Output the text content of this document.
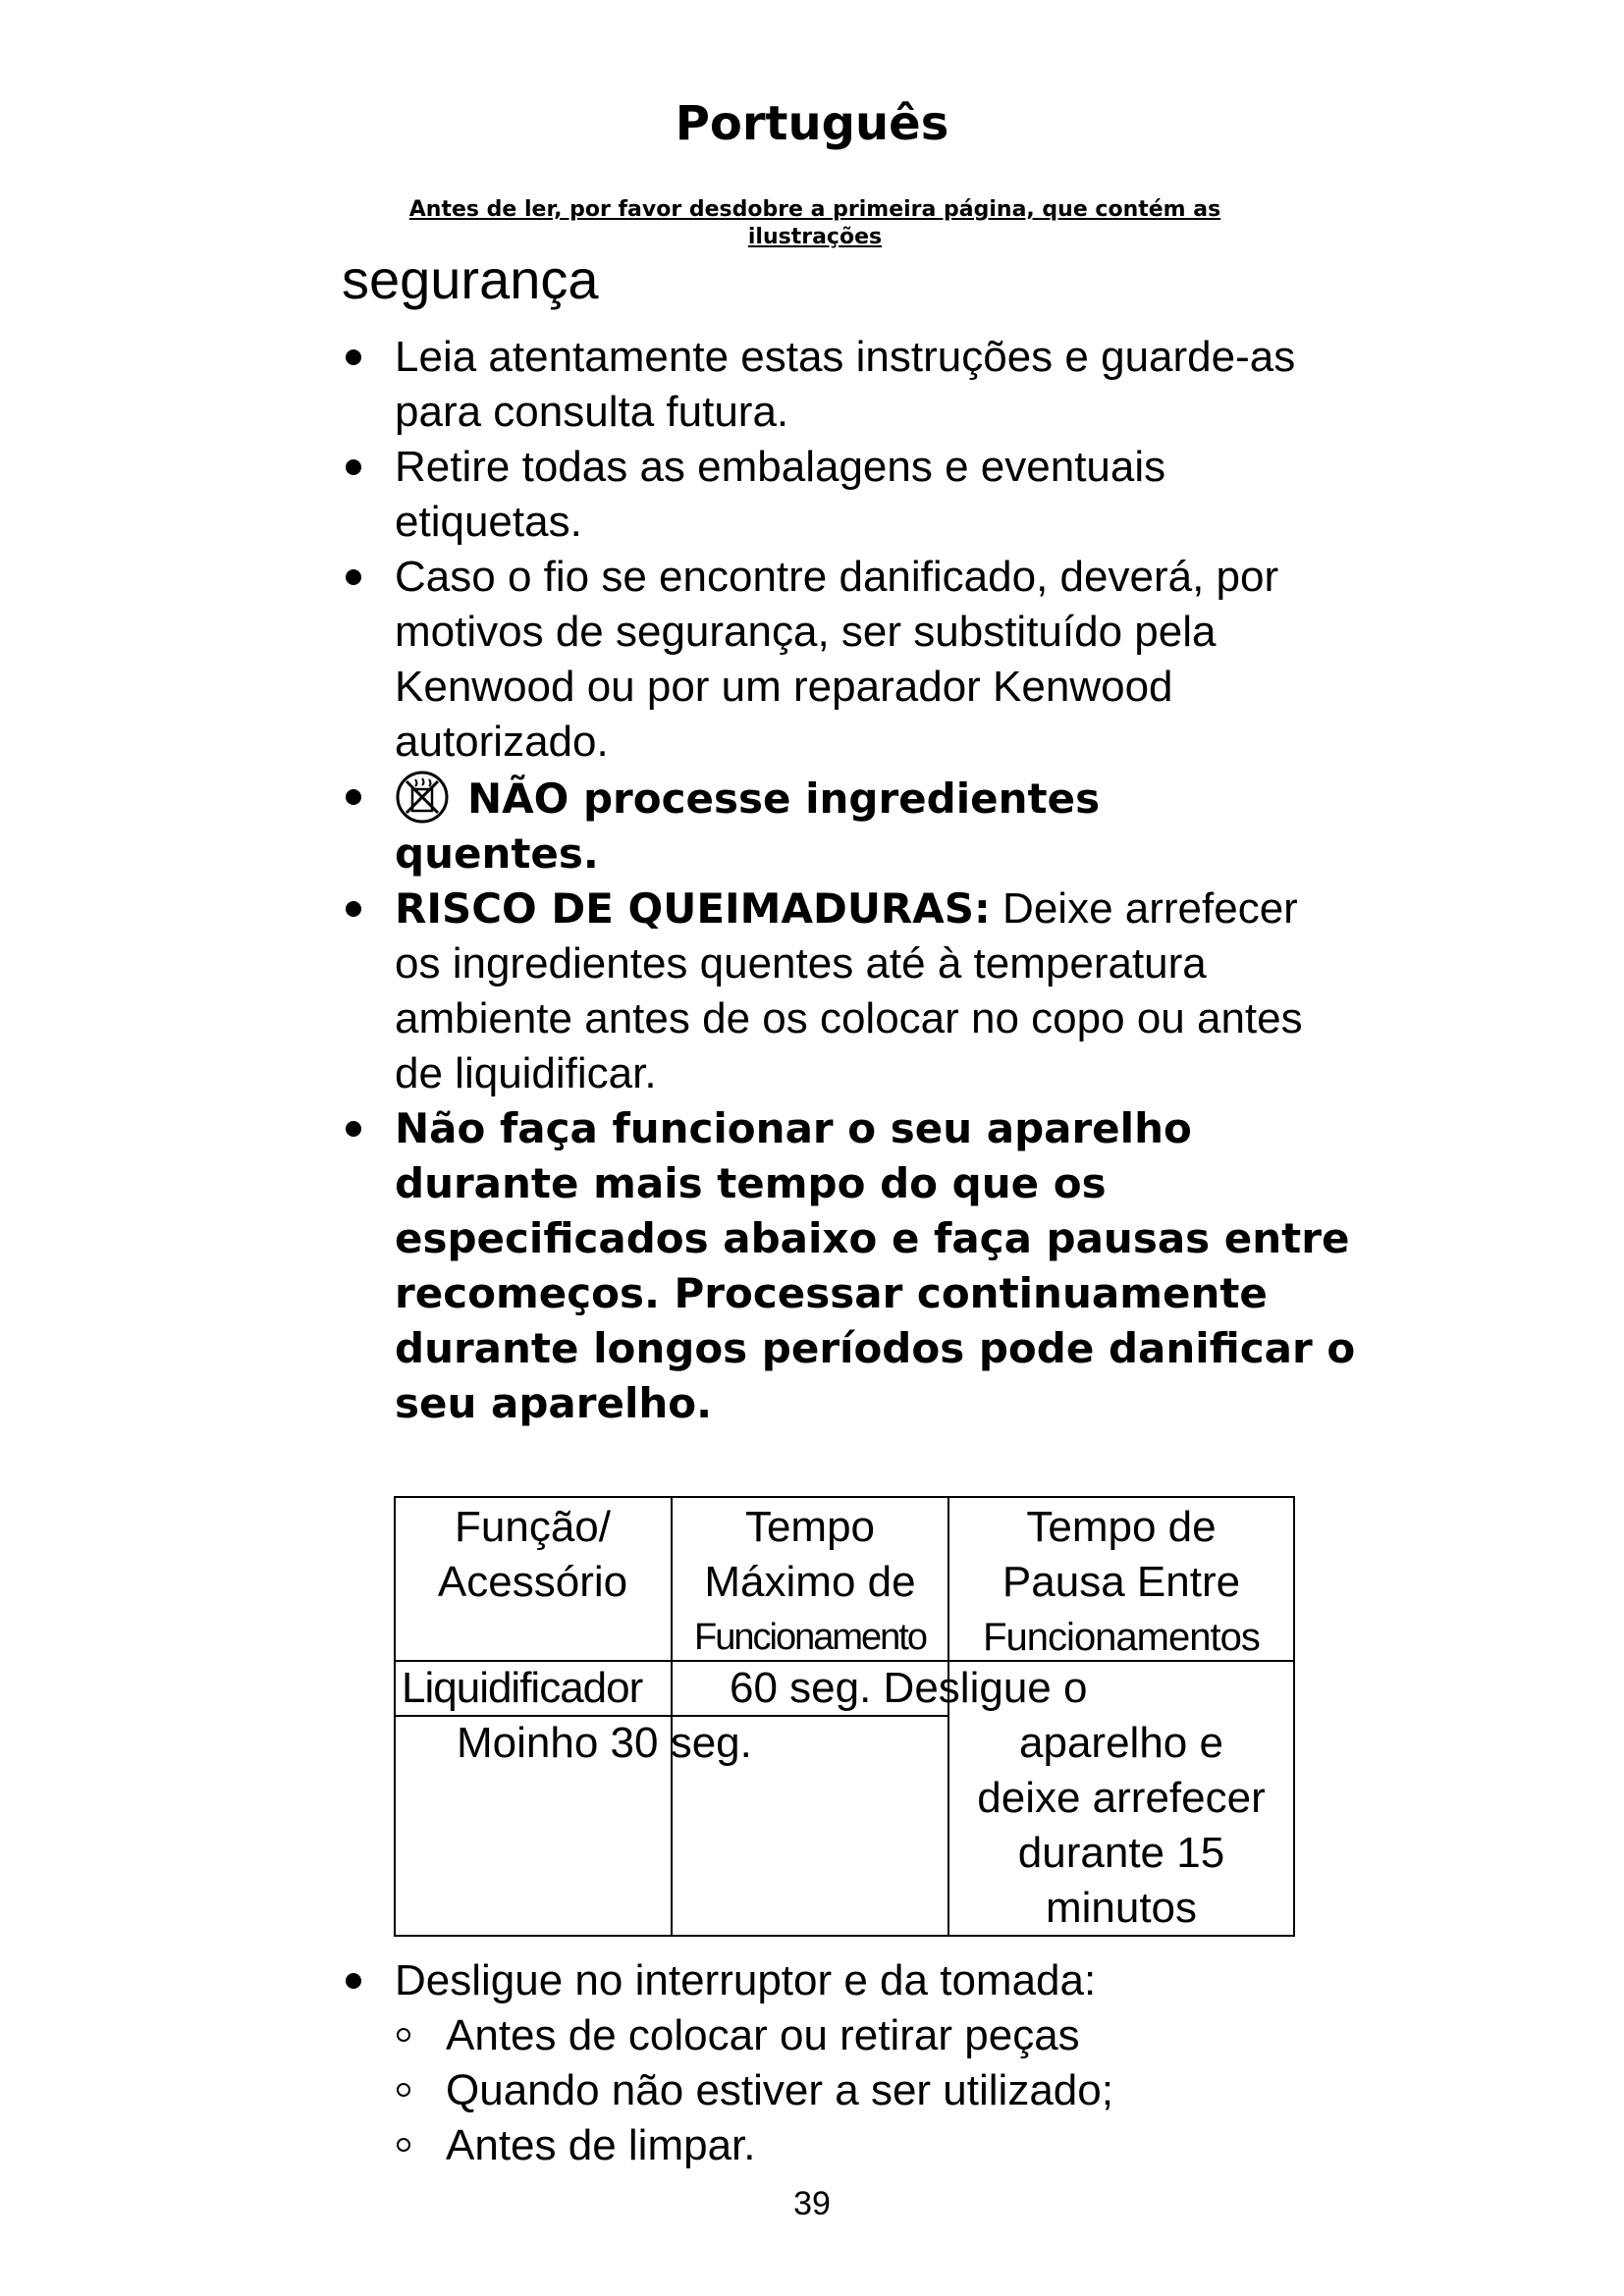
Português
Antes de ler, por favor desdobre a primeira página, que contém as
ilustrações
segurança
Leia atentamente estas instruções e guarde-as para consulta futura.
Retire todas as embalagens e eventuais etiquetas.
Caso o fio se encontre danificado, deverá, por motivos de segurança, ser substituído pela Kenwood ou por um reparador Kenwood autorizado.
NÃO processe ingredientes quentes.
RISCO DE QUEIMADURAS: Deixe arrefecer os ingredientes quentes até à temperatura ambiente antes de os colocar no copo ou antes de liquidificar.
Não faça funcionar o seu aparelho durante mais tempo do que os especificados abaixo e faça pausas entre recomeços. Processar continuamente durante longos períodos pode danificar o seu aparelho.
Função/
Acessório
Tempo
Máximo de
Funcionamento
Tempo de
Pausa Entre
Funcionamentos
Liquidificador 60 seg. Desligue o
Moinho 30 seg.	aparelho e
deixe arrefecer
durante 15
minutos
Desligue no interruptor e da tomada:
Antes de colocar ou retirar peças
Quando não estiver a ser utilizado;
Antes de limpar.
39
